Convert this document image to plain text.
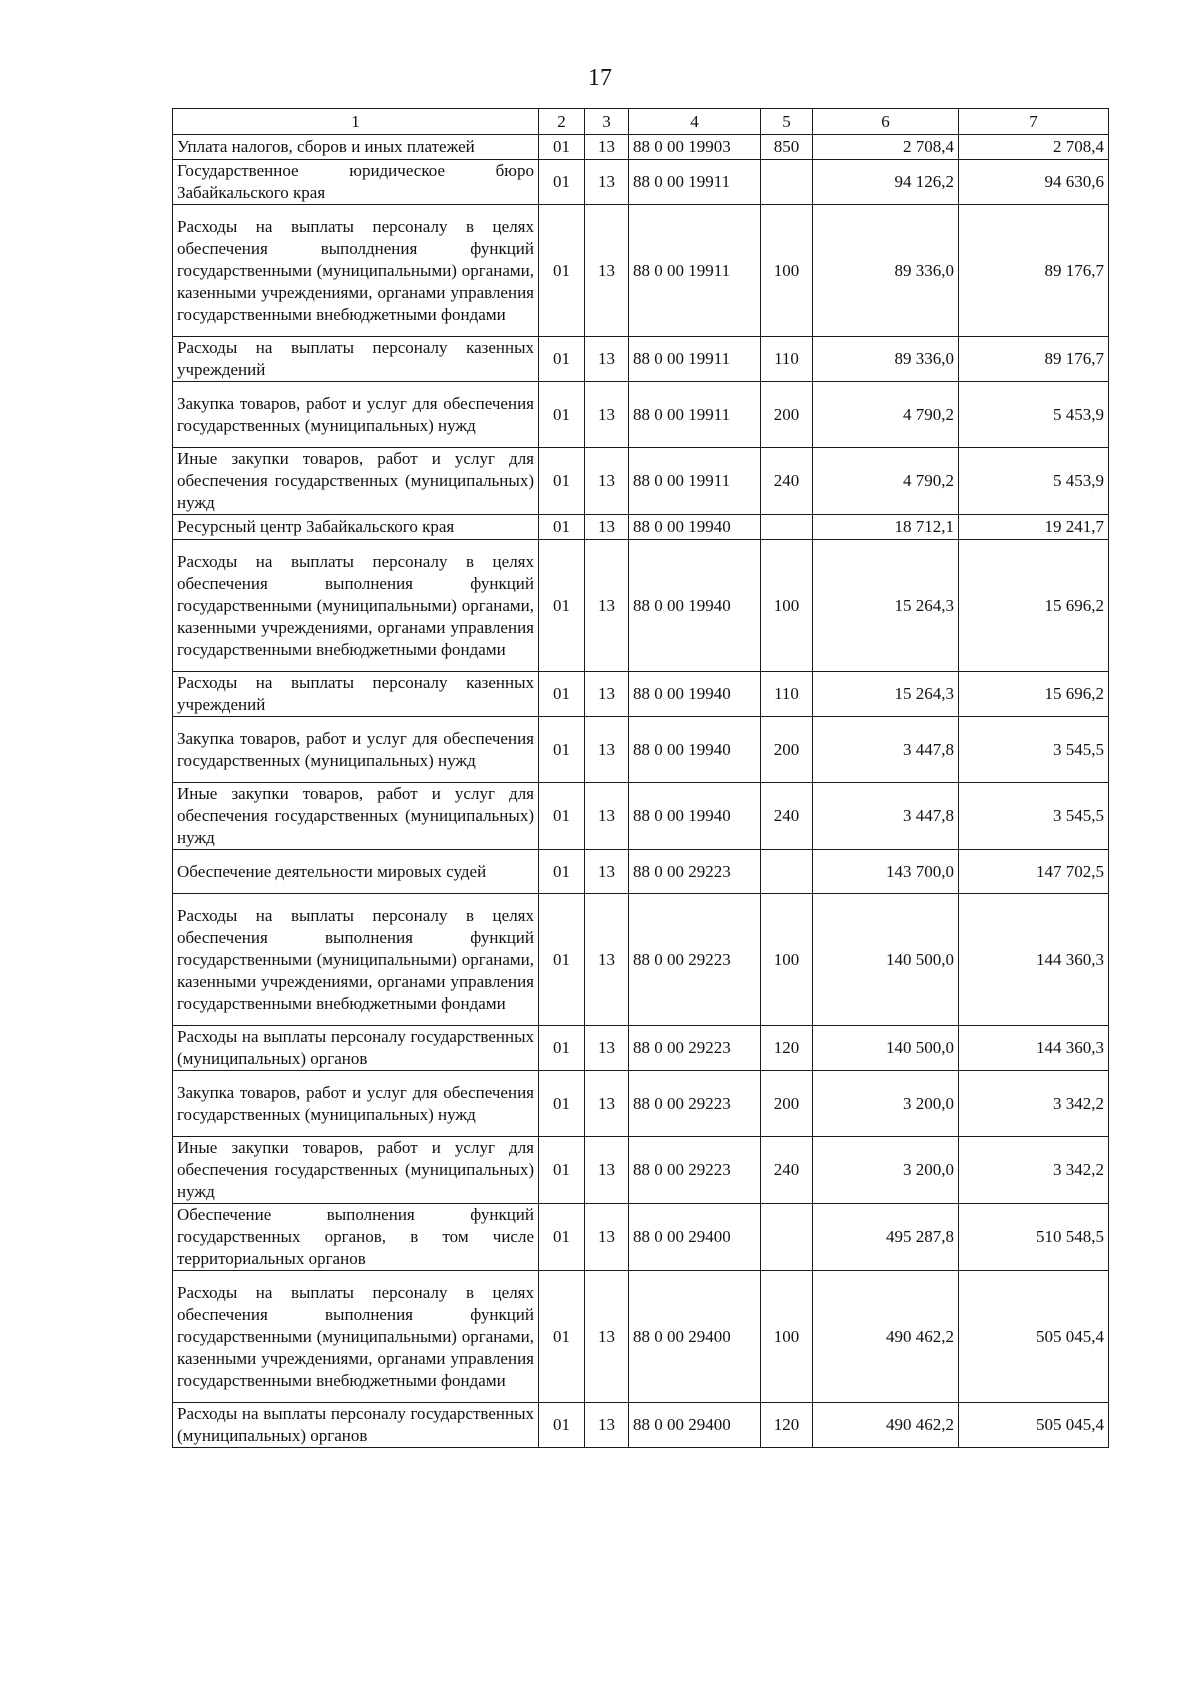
17
1	2	3	4	5	6	7
Уплата налогов, сборов и иных платежей	01	13	88 0 00 19903	850	2 708,4	2 708,4
Государственное юридическое бюро Забайкальского края	01	13	88 0 00 19911		94 126,2	94 630,6
Расходы на выплаты персоналу в целях обеспечения выполднения функций государственными (муниципальными) органами, казенными учреждениями, органами управления государственными внебюджетными фондами	01	13	88 0 00 19911	100	89 336,0	89 176,7
Расходы на выплаты персоналу казенных учреждений	01	13	88 0 00 19911	110	89 336,0	89 176,7
Закупка товаров, работ и услуг для обеспечения государственных (муниципальных) нужд	01	13	88 0 00 19911	200	4 790,2	5 453,9
Иные закупки товаров, работ и услуг для обеспечения государственных (муниципальных) нужд	01	13	88 0 00 19911	240	4 790,2	5 453,9
Ресурсный центр Забайкальского края	01	13	88 0 00 19940		18 712,1	19 241,7
Расходы на выплаты персоналу в целях обеспечения выполнения функций государственными (муниципальными) органами, казенными учреждениями, органами управления государственными внебюджетными фондами	01	13	88 0 00 19940	100	15 264,3	15 696,2
Расходы на выплаты персоналу казенных учреждений	01	13	88 0 00 19940	110	15 264,3	15 696,2
Закупка товаров, работ и услуг для обеспечения государственных (муниципальных) нужд	01	13	88 0 00 19940	200	3 447,8	3 545,5
Иные закупки товаров, работ и услуг для обеспечения государственных (муниципальных) нужд	01	13	88 0 00 19940	240	3 447,8	3 545,5
Обеспечение деятельности мировых судей	01	13	88 0 00 29223		143 700,0	147 702,5
Расходы на выплаты персоналу в целях обеспечения выполнения функций государственными (муниципальными) органами, казенными учреждениями, органами управления государственными внебюджетными фондами	01	13	88 0 00 29223	100	140 500,0	144 360,3
Расходы на выплаты персоналу государственных (муниципальных) органов	01	13	88 0 00 29223	120	140 500,0	144 360,3
Закупка товаров, работ и услуг для обеспечения государственных (муниципальных) нужд	01	13	88 0 00 29223	200	3 200,0	3 342,2
Иные закупки товаров, работ и услуг для обеспечения государственных (муниципальных) нужд	01	13	88 0 00 29223	240	3 200,0	3 342,2
Обеспечение выполнения функций государственных органов, в том числе территориальных органов	01	13	88 0 00 29400		495 287,8	510 548,5
Расходы на выплаты персоналу в целях обеспечения выполнения функций государственными (муниципальными) органами, казенными учреждениями, органами управления государственными внебюджетными фондами	01	13	88 0 00 29400	100	490 462,2	505 045,4
Расходы на выплаты персоналу государственных (муниципальных) органов	01	13	88 0 00 29400	120	490 462,2	505 045,4
